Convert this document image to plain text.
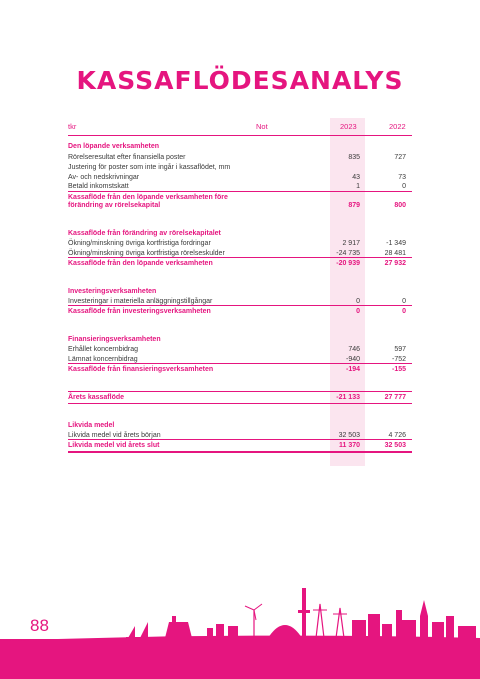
KASSAFLÖDESANALYS
tkr	Not	2023	2022
Den löpande verksamheten
Rörelseresultat efter finansiella poster	835	727
Justering för poster som inte ingår i kassaflödet, mm
Av- och nedskrivningar	43	73
Betald inkomstskatt	1	0
Kassaflöde från den löpande verksamheten före
förändring av rörelsekapital	879	800
Kassaflöde från förändring av rörelsekapitalet
Ökning/minskning övriga kortfristiga fordringar	2 917	-1 349
Ökning/minskning övriga kortfristiga rörelseskulder	-24 735	28 481
Kassaflöde från den löpande verksamheten	-20 939	27 932
Investeringsverksamheten
Investeringar i materiella anläggningstillgångar	0	0
Kassaflöde från investeringsverksamheten	0	0
Finansieringsverksamheten
Erhållet koncernbidrag	746	597
Lämnat koncernbidrag	-940	-752
Kassaflöde från finansieringsverksamheten	-194	-155
Årets kassaflöde	-21 133	27 777
Likvida medel
Likvida medel vid årets början	32 503	4 726
Likvida medel vid årets slut	11 370	32 503
88
